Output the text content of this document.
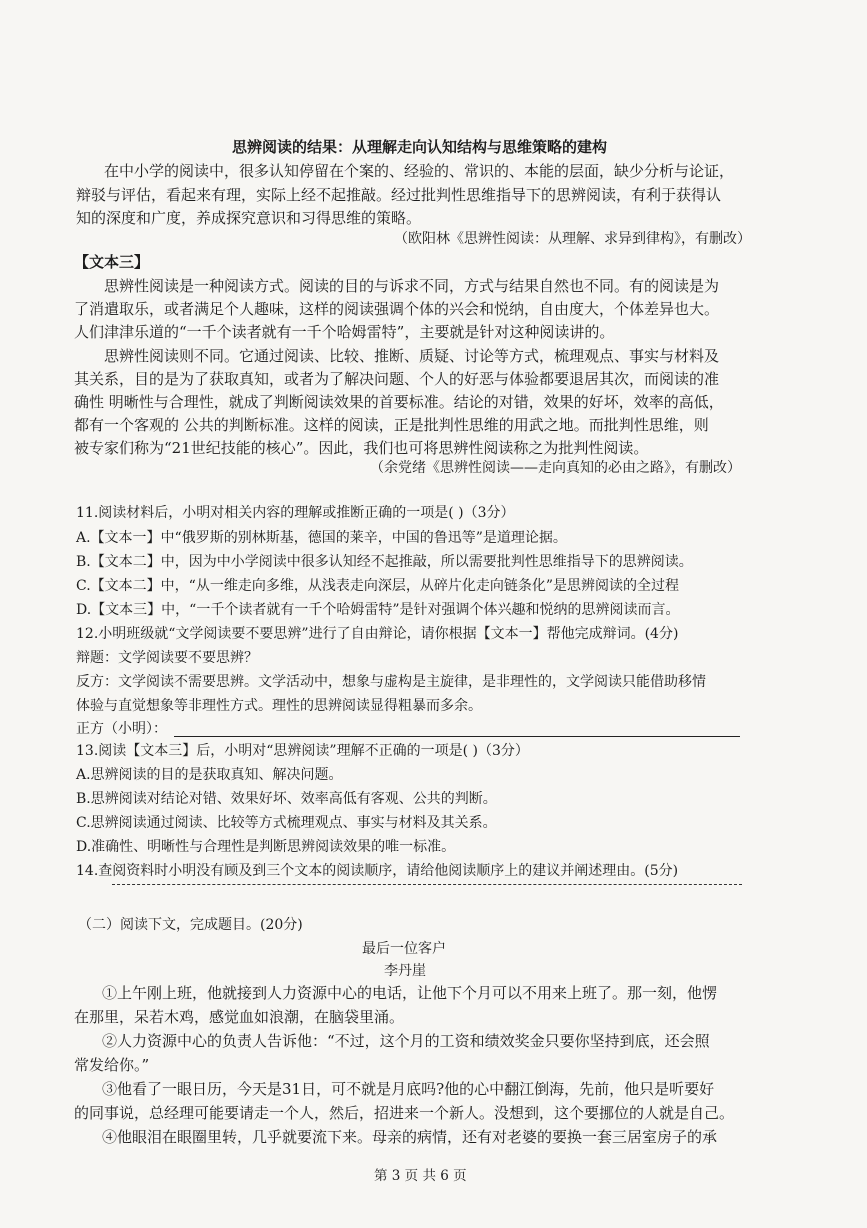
思辨阅读的结果：从理解走向认知结构与思维策略的建构
在中小学的阅读中，很多认知停留在个案的、经验的、常识的、本能的层面，缺少分析与论证，
辩驳与评估，看起来有理，实际上经不起推敲。经过批判性思维指导下的思辨阅读，有利于获得认
知的深度和广度，养成探究意识和习得思维的策略。
（欧阳林《思辨性阅读：从理解、求异到律构》，有删改）
【文本三】
思辨性阅读是一种阅读方式。阅读的目的与诉求不同，方式与结果自然也不同。有的阅读是为
了消遣取乐，或者满足个人趣味，这样的阅读强调个体的兴会和悦纳，自由度大，个体差异也大。
人们津津乐道的“一千个读者就有一千个哈姆雷特”，主要就是针对这种阅读讲的。
思辨性阅读则不同。它通过阅读、比较、推断、质疑、讨论等方式，梳理观点、事实与材料及
其关系，目的是为了获取真知，或者为了解决问题、个人的好恶与体验都要退居其次，而阅读的准
确性 明晰性与合理性，就成了判断阅读效果的首要标准。结论的对错，效果的好坏，效率的高低，
都有一个客观的 公共的判断标准。这样的阅读，正是批判性思维的用武之地。而批判性思维，则
被专家们称为“21世纪技能的核心”。因此，我们也可将思辨性阅读称之为批判性阅读。
（余党绪《思辨性阅读——走向真知的必由之路》，有删改）
11.阅读材料后，小明对相关内容的理解或推断正确的一项是( )（3分）
A.【文本一】中“俄罗斯的别林斯基，德国的莱辛，中国的鲁迅等”是道理论据。
B.【文本二】中，因为中小学阅读中很多认知经不起推敲，所以需要批判性思维指导下的思辨阅读。
C.【文本二】中，“从一维走向多维，从浅表走向深层，从碎片化走向链条化”是思辨阅读的全过程
D.【文本三】中，“一千个读者就有一千个哈姆雷特”是针对强调个体兴趣和悦纳的思辨阅读而言。
12.小明班级就“文学阅读要不要思辨”进行了自由辩论，请你根据【文本一】帮他完成辩词。(4分)
辩题：文学阅读要不要思辨？
反方：文学阅读不需要思辨。文学活动中，想象与虚构是主旋律，是非理性的，文学阅读只能借助移情
体验与直觉想象等非理性方式。理性的思辨阅读显得粗暴而多余。
正方（小明）：
13.阅读【文本三】后，小明对“思辨阅读”理解不正确的一项是( )（3分）
A.思辨阅读的目的是获取真知、解决问题。
B.思辨阅读对结论对错、效果好坏、效率高低有客观、公共的判断。
C.思辨阅读通过阅读、比较等方式梳理观点、事实与材料及其关系。
D.准确性、明晰性与合理性是判断思辨阅读效果的唯一标准。
14.查阅资料时小明没有顾及到三个文本的阅读顺序，请给他阅读顺序上的建议并阐述理由。(5分)
（二）阅读下文，完成题目。(20分)
最后一位客户
李丹崖
①上午刚上班，他就接到人力资源中心的电话，让他下个月可以不用来上班了。那一刻，他愣
在那里，呆若木鸡，感觉血如浪潮，在脑袋里涌。
②人力资源中心的负责人告诉他：“不过，这个月的工资和绩效奖金只要你坚持到底，还会照
常发给你。”
③他看了一眼日历，今天是31日，可不就是月底吗?他的心中翻江倒海，先前，他只是听要好
的同事说，总经理可能要请走一个人，然后，招进来一个新人。没想到，这个要挪位的人就是自己。
④他眼泪在眼圈里转，几乎就要流下来。母亲的病情，还有对老婆的要换一套三居室房子的承
第 3 页 共 6 页
